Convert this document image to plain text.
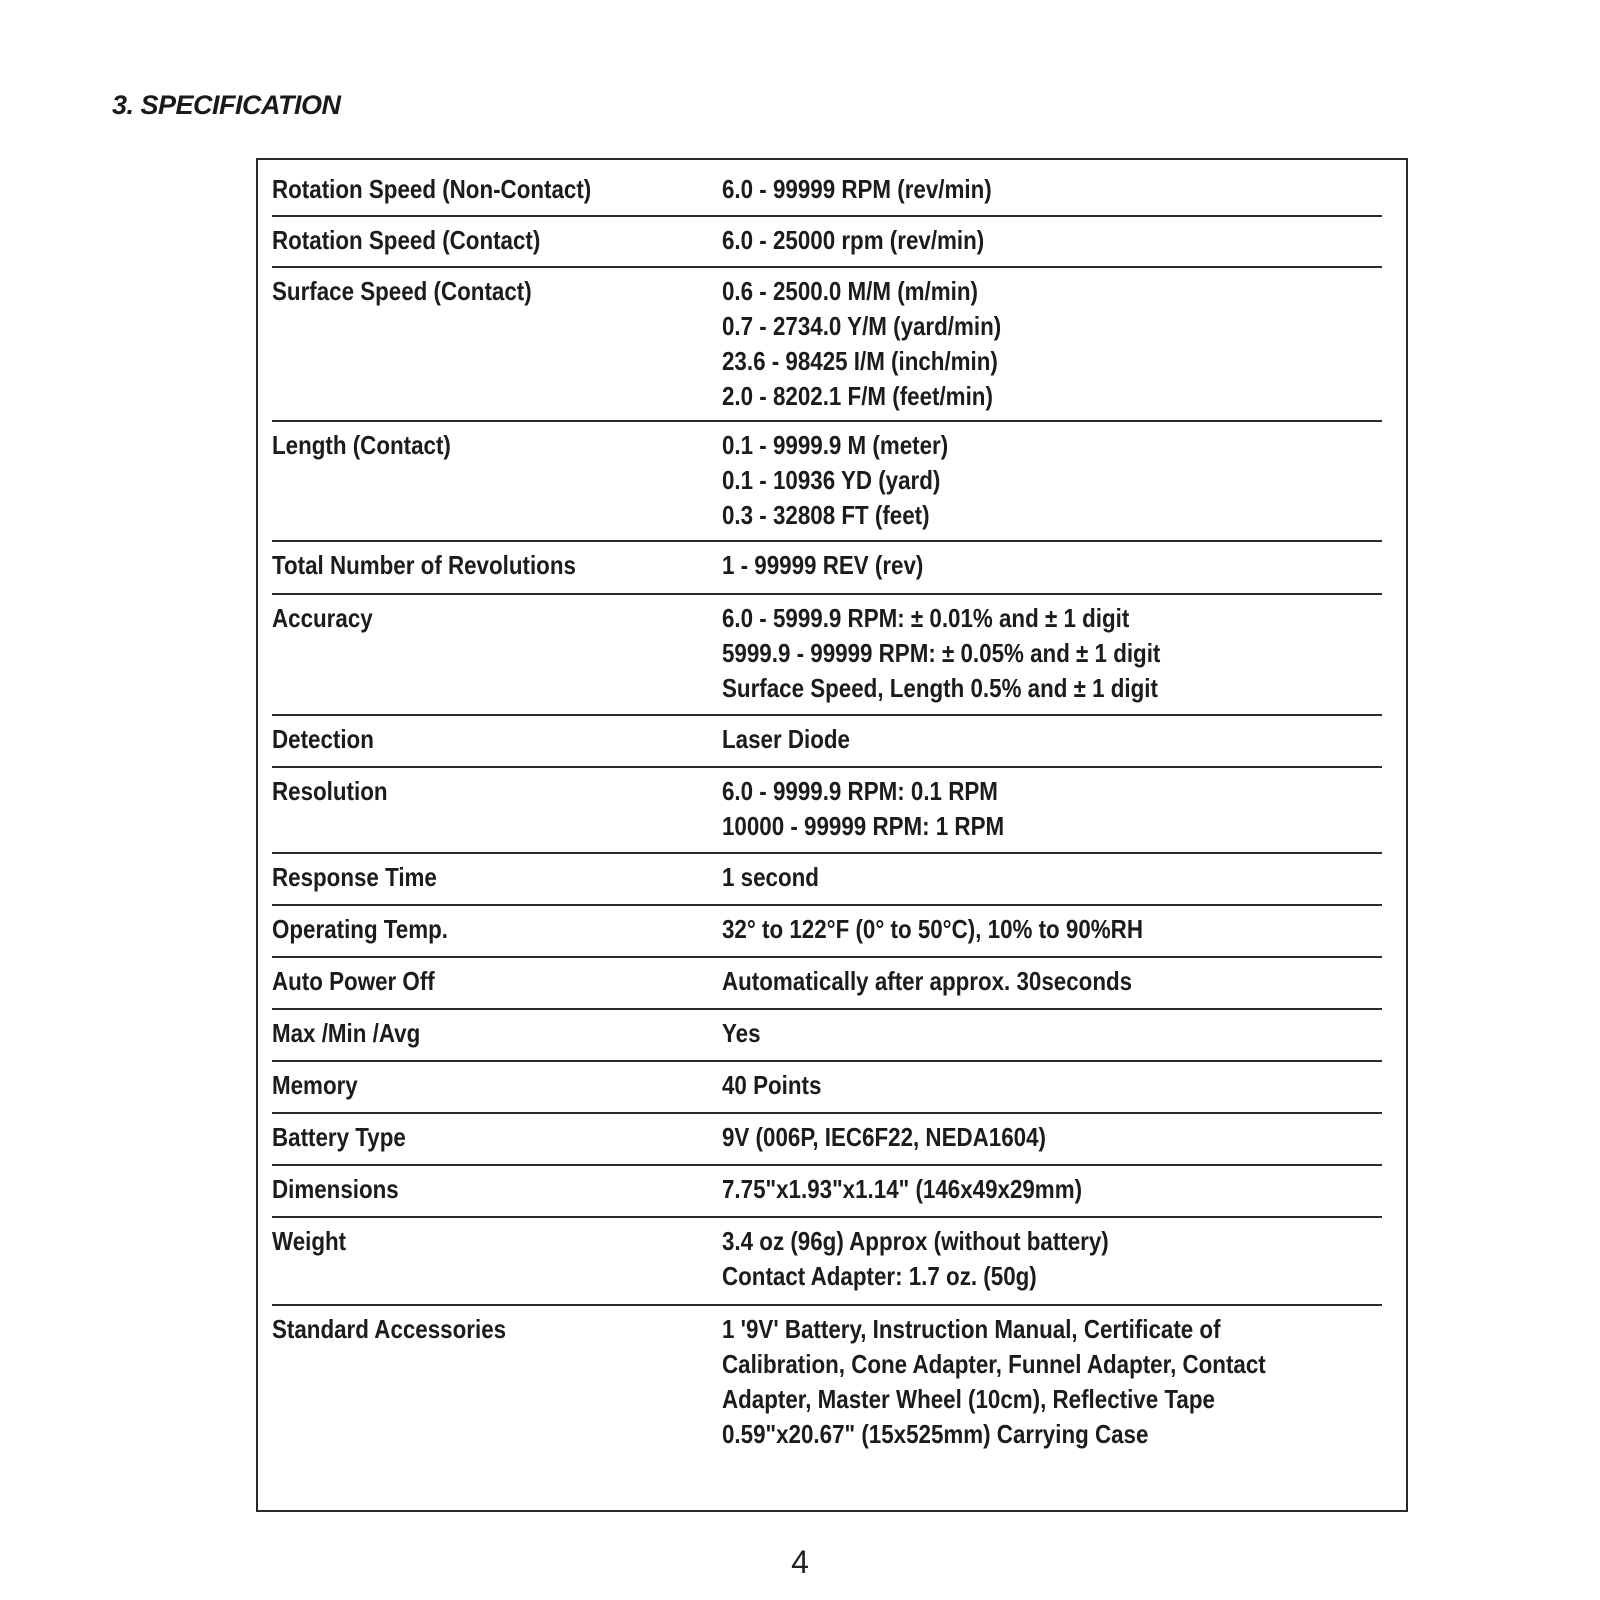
3. SPECIFICATION
Rotation Speed (Non-Contact)	6.0 - 99999 RPM (rev/min)
Rotation Speed (Contact)	6.0 - 25000 rpm (rev/min)
Surface Speed (Contact)	0.6 - 2500.0 M/M (m/min)
0.7 - 2734.0 Y/M (yard/min)
23.6 - 98425 I/M (inch/min)
2.0 - 8202.1 F/M (feet/min)
Length (Contact)	0.1 - 9999.9 M (meter)
0.1 - 10936 YD (yard)
0.3 - 32808 FT (feet)
Total Number of Revolutions	1 - 99999 REV (rev)
Accuracy	6.0 - 5999.9 RPM: ± 0.01% and ± 1 digit
5999.9 - 99999 RPM: ± 0.05% and ± 1 digit
Surface Speed, Length 0.5% and ± 1 digit
Detection	Laser Diode
Resolution	6.0 - 9999.9 RPM: 0.1 RPM
10000 - 99999 RPM: 1 RPM
Response Time	1 second
Operating Temp.	32° to 122°F (0° to 50°C), 10% to 90%RH
Auto Power Off	Automatically after approx. 30seconds
Max /Min /Avg	Yes
Memory	40 Points
Battery Type	9V (006P, IEC6F22, NEDA1604)
Dimensions	7.75"x1.93"x1.14" (146x49x29mm)
Weight	3.4 oz (96g) Approx (without battery)
Contact Adapter: 1.7 oz. (50g)
Standard Accessories	1 '9V' Battery, Instruction Manual, Certificate of
Calibration, Cone Adapter, Funnel Adapter, Contact
Adapter, Master Wheel (10cm), Reflective Tape
0.59"x20.67" (15x525mm) Carrying Case
4
